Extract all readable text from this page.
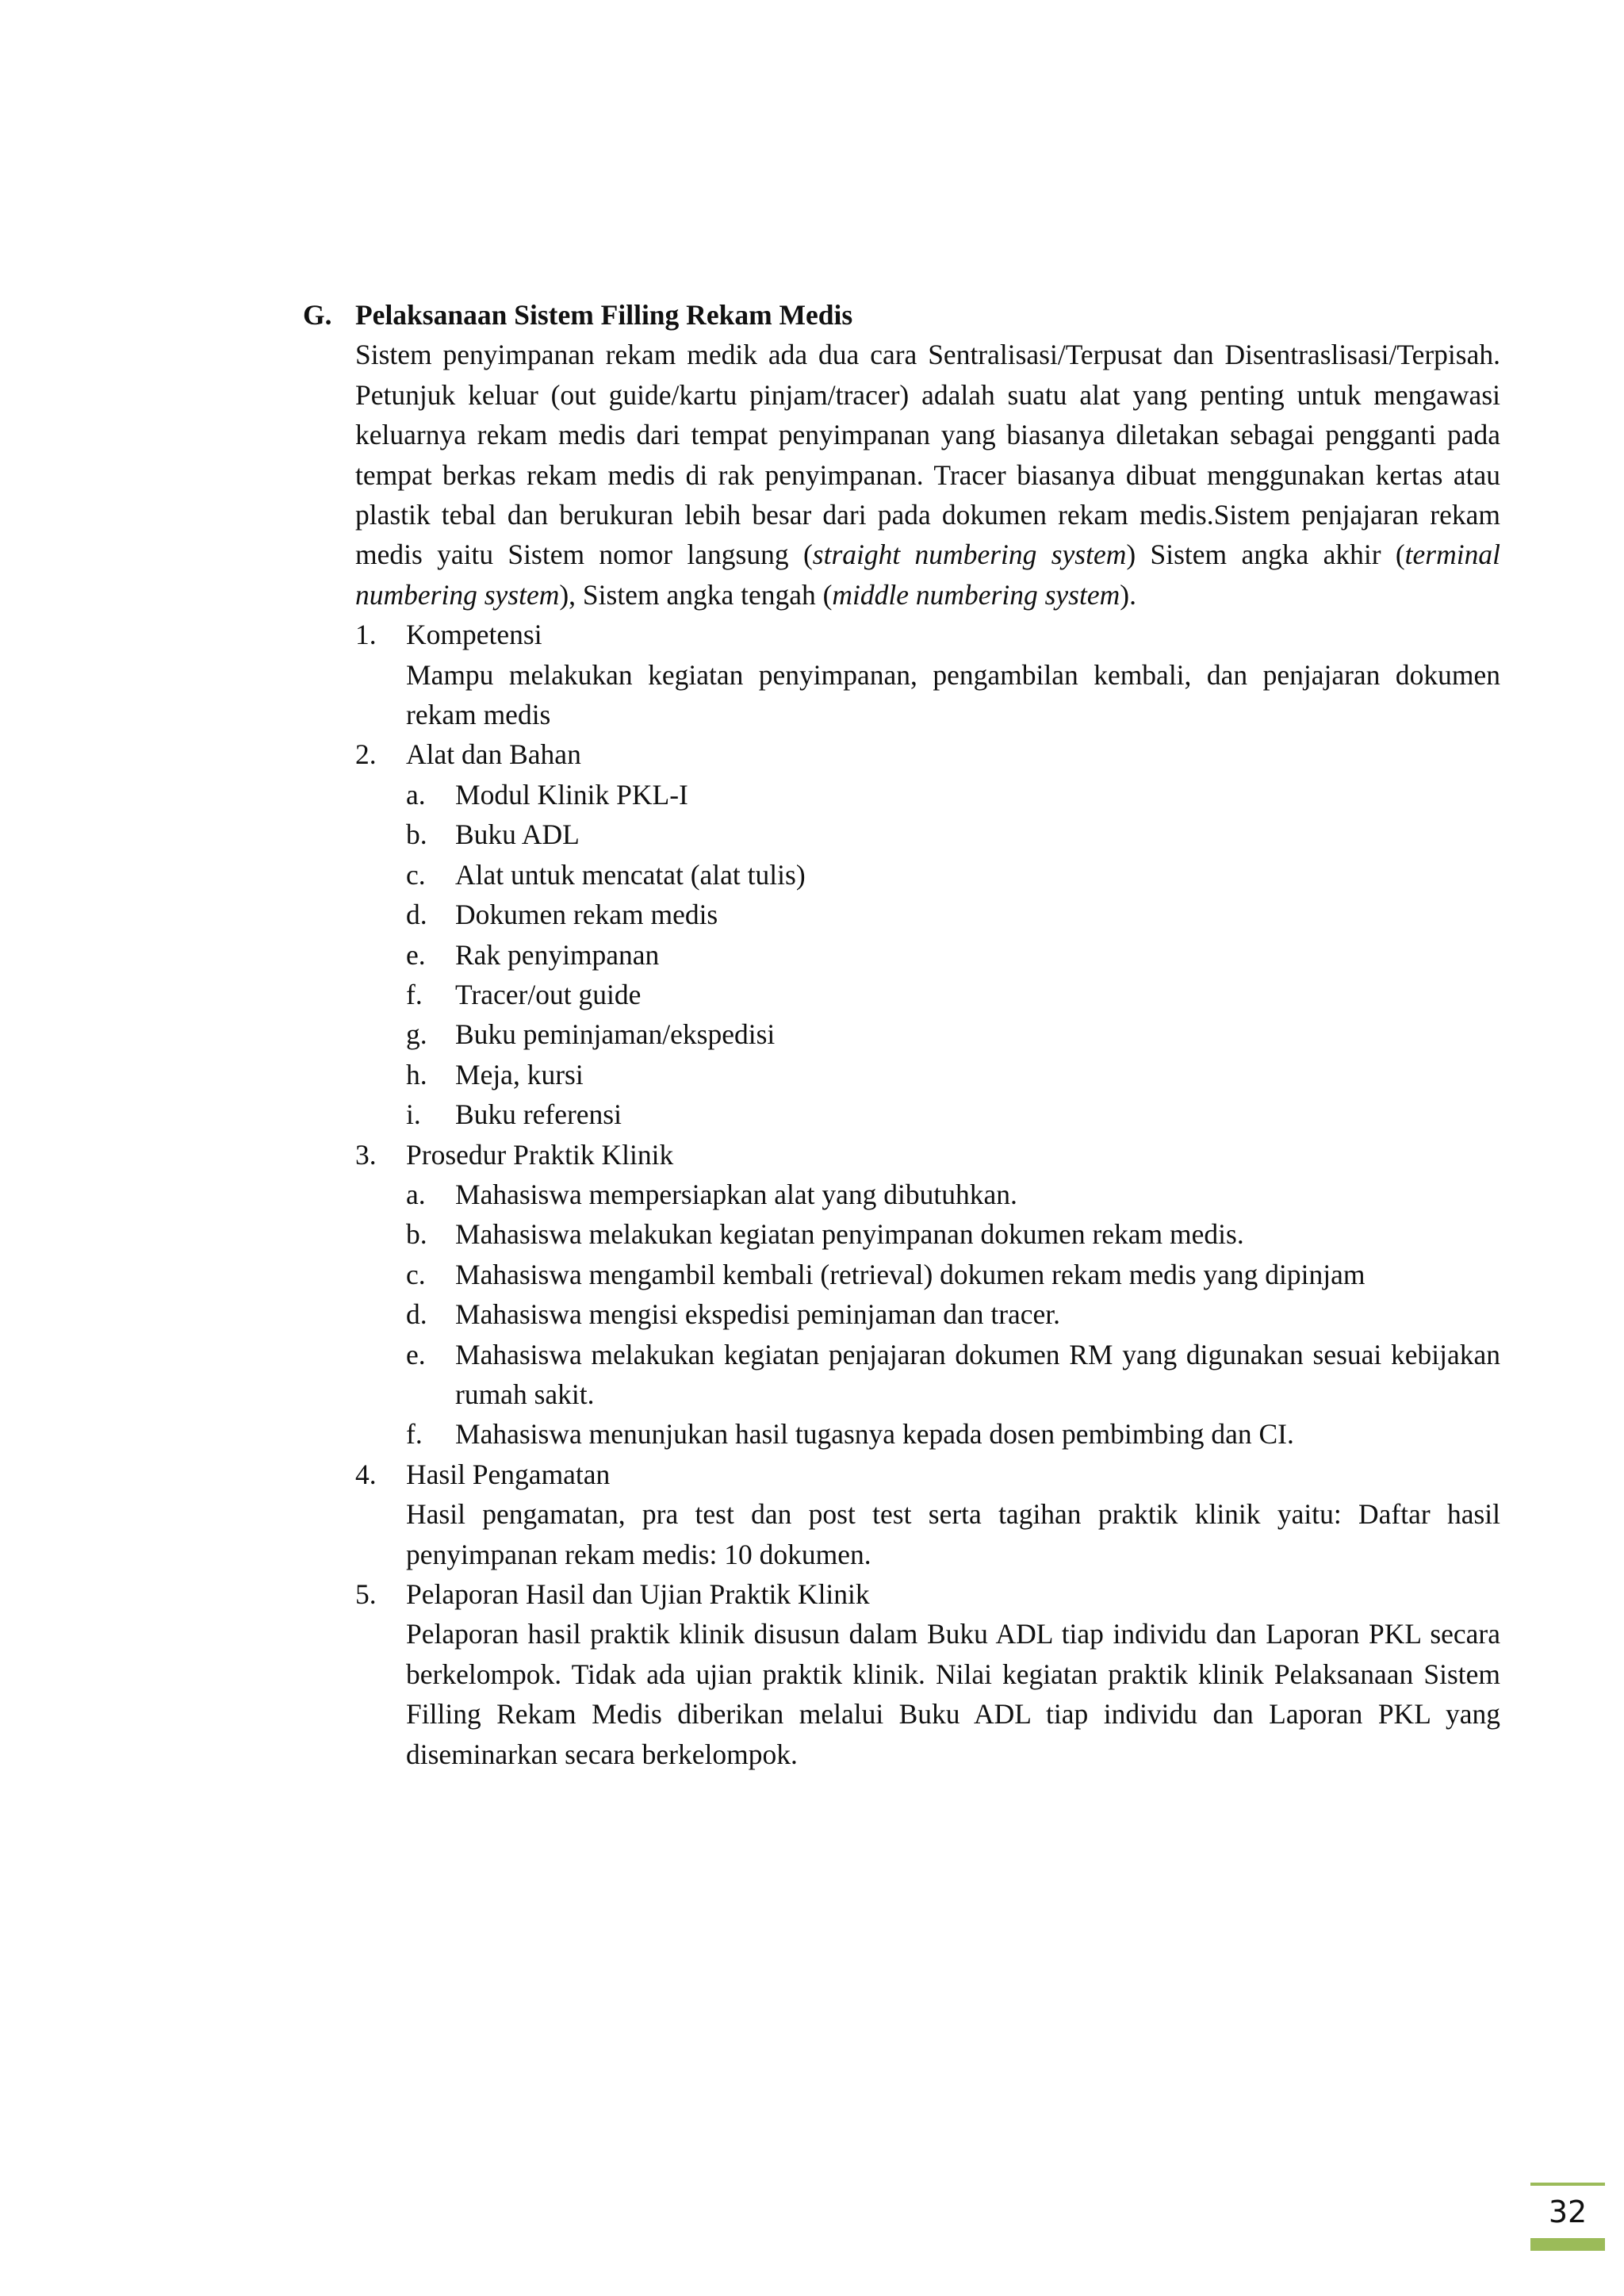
G. Pelaksanaan Sistem Filling Rekam Medis
Sistem penyimpanan rekam medik ada dua cara Sentralisasi/Terpusat dan Disentraslisasi/Terpisah. Petunjuk keluar (out guide/kartu pinjam/tracer) adalah suatu alat yang penting untuk mengawasi keluarnya rekam medis dari tempat penyimpanan yang biasanya diletakan sebagai pengganti pada tempat berkas rekam medis di rak penyimpanan. Tracer biasanya dibuat menggunakan kertas atau plastik tebal dan berukuran lebih besar dari pada dokumen rekam medis.Sistem penjajaran rekam medis yaitu Sistem nomor langsung (straight numbering system) Sistem angka akhir (terminal numbering system), Sistem angka tengah (middle numbering system).
1.	Kompetensi
Mampu melakukan kegiatan penyimpanan, pengambilan kembali, dan penjajaran dokumen rekam medis
2.	Alat dan Bahan
a.	Modul Klinik PKL-I
b. Buku ADL
c.	Alat untuk mencatat (alat tulis)
d. Dokumen rekam medis
e.	Rak penyimpanan
f.	Tracer/out guide
g. Buku peminjaman/ekspedisi
h. Meja, kursi
i.	Buku referensi
3.	Prosedur Praktik Klinik
a.	Mahasiswa mempersiapkan alat yang dibutuhkan.
b. Mahasiswa melakukan kegiatan penyimpanan dokumen rekam medis.
c.	Mahasiswa mengambil kembali (retrieval) dokumen rekam medis yang dipinjam
d. Mahasiswa mengisi ekspedisi peminjaman dan tracer.
e.	Mahasiswa melakukan kegiatan penjajaran dokumen RM yang digunakan sesuai kebijakan rumah sakit.
f.	Mahasiswa menunjukan hasil tugasnya kepada dosen pembimbing dan CI.
4.	Hasil Pengamatan
Hasil pengamatan, pra test dan post test serta tagihan praktik klinik yaitu: Daftar hasil penyimpanan rekam medis: 10 dokumen.
5.	Pelaporan Hasil dan Ujian Praktik Klinik
Pelaporan hasil praktik klinik disusun dalam Buku ADL tiap individu dan Laporan PKL secara berkelompok. Tidak ada ujian praktik klinik. Nilai kegiatan praktik klinik Pelaksanaan Sistem Filling Rekam Medis diberikan melalui Buku ADL tiap individu dan Laporan PKL yang diseminarkan secara berkelompok.
32
